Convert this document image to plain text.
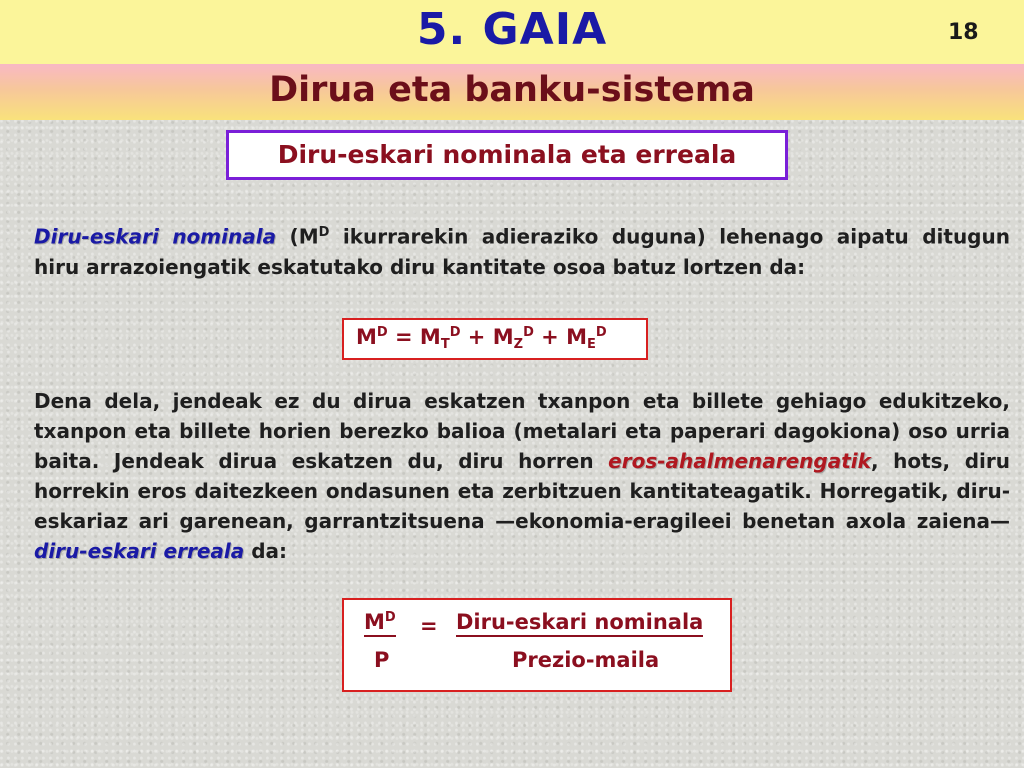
5. GAIA	18
Dirua eta banku-sistema
Diru-eskari nominala eta erreala

Diru-eskari nominala ($M^D$ ikurrarekin adieraziko duguna) lehenago aipatu ditugun hiru arrazoiengatik eskatutako diru kantitate osoa batuz lortzen da:

$M^D = M_T^D + M_Z^D + M_E^D$

Dena dela, jendeak ez du dirua eskatzen txanpon eta billete gehiago edukitzeko, txanpon eta billete horien berezko balioa (metalari eta paperari dagokiona) oso urria baita. Jendeak dirua eskatzen du, diru horren eros-ahalmenarengatik, hots, diru horrekin eros daitezkeen ondasunen eta zerbitzuen kantitateagatik. Horregatik, diru-eskariaz ari garenean, garrantzitsuena —ekonomia-eragileei benetan axola zaiena— diru-eskari erreala da:

$M^D$ = Diru-eskari nominala
P	Prezio-maila
